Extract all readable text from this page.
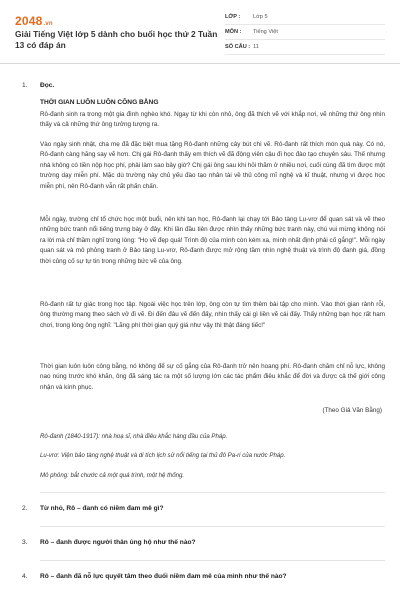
2048.vn
Giải Tiếng Việt lớp 5 dành cho buổi học thứ 2 Tuần 13 có đáp án
LỚP :	Lớp 5
MÔN :	Tiếng Việt
SỐ CÂU : 11
1. Đọc.
THỜI GIAN LUÔN LUÔN CÔNG BẰNG

Rô-đanh sinh ra trong một gia đình nghèo khó. Ngay từ khi còn nhỏ, ông đã thích vẽ với khắp nơi, vẽ những thứ ông nhìn thấy và cả những thứ ông tưởng tượng ra.

Vào ngày sinh nhật, cha mẹ đã đặc biệt mua tặng Rô-đanh những cây bút chì vẽ. Rô-đanh rất thích món quà này. Có nó, Rô-đanh càng hăng say vẽ hơn. Chị gái Rô-đanh thấy em thích vẽ đã động viên cậu đi học đào tạo chuyên sâu. Thế nhưng nhà không có tiền nộp học phí, phải làm sao bây giờ? Chị gái ông sau khi hỏi thăm ở nhiều nơi, cuối cùng đã tìm được một trường dạy miễn phí. Mặc dù trường này chủ yếu đào tạo nhân tài về thủ công mĩ nghệ và kĩ thuật, nhưng vì được học miễn phí, nên Rô-đanh vẫn rất phấn chấn.

Mỗi ngày, trường chỉ tổ chức học một buổi, nên khi tan học, Rô-đanh lại chạy tới Bảo tàng Lu-vrơ để quan sát và vẽ theo những bức tranh nổi tiếng trưng bày ở đây. Khi lần đầu tiên được nhìn thấy những bức tranh này, chú vui mừng không nói ra lời mà chỉ thầm nghĩ trong lòng: "Họ vẽ đẹp quá! Trình độ của mình còn kém xa, mình nhất định phải cố gắng!". Mỗi ngày quan sát và mô phỏng tranh ở Bảo tàng Lu-vrơ, Rô-đanh được mở rộng tầm nhìn nghệ thuật và trình độ đanh giá, đồng thời củng cố sự tự tin trong những bức vẽ của ông.

Rô-đanh rất tự giác trong học tập. Ngoài việc học trên lớp, ông còn tự tìm thêm bài tập cho mình. Vào thời gian rảnh rỗi, ông thường mang theo sách vở đi vẽ. Đi đến đâu vẽ đến đấy, nhìn thấy cái gì liền vẽ cái đấy. Thấy những bạn học rất ham chơi, trong lòng ông nghĩ: "Lãng phí thời gian quý giá như vậy thì thật đáng tiếc!"

Thời gian luôn luôn công bằng, nó không để sự cố gắng của Rô-đanh trở nên hoang phí. Rô-đanh chăm chỉ nỗ lực, không nao núng trước khó khăn, ông đã sáng tác ra một số lượng lớn các tác phẩm điêu khắc để đời và được cả thế giới công nhận và kính phục.

(Theo Giả Văn Bằng)
Rô-đanh (1840-1917): nhà hoạ sĩ, nhà điêu khắc hàng đầu của Pháp.
Lu-vrơ: Viện bảo tàng nghệ thuật và di tích lịch sử nổi tiếng tại thủ đô Pa-ri của nước Pháp.
Mô phỏng: bắt chước cả một quá trình, một hệ thống.
2. Từ nhỏ, Rô – đanh có niềm đam mê gì?
3. Rô – đanh được người thân ủng hộ như thế nào?
4. Rô – đanh đã nỗ lực quyết tâm theo đuổi niềm đam mê của mình như thế nào?
